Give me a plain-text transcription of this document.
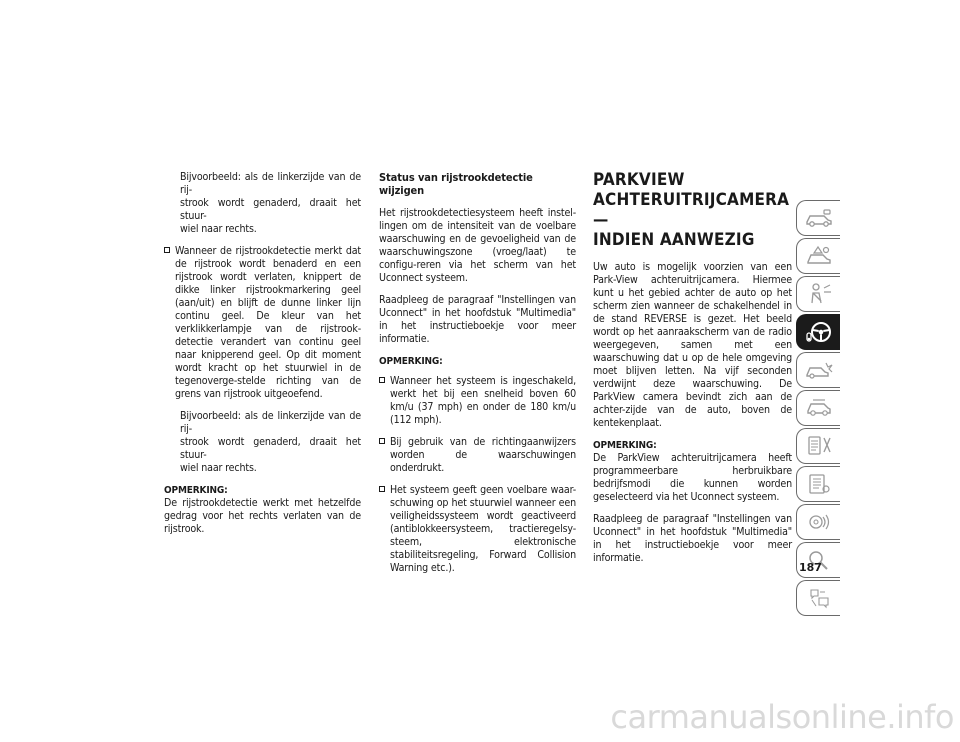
Bijvoorbeeld: als de linkerzijde van de rij-
strook wordt genaderd, draait het stuur-
wiel naar rechts.

Wanneer de rijstrookdetectie merkt dat de rijstrook wordt benaderd en een rijstrook wordt verlaten, knippert de dikke linker rijstrookmarkering geel (aan/uit) en blijft de dunne linker lijn continu geel. De kleur van het verklikkerlampje van de rijstrook-detectie verandert van continu geel naar knipperend geel. Op dit moment wordt kracht op het stuurwiel in de tegenoverge-stelde richting van de grens van rijstrook uitgeoefend.

Bijvoorbeeld: als de linkerzijde van de rij-
strook wordt genaderd, draait het stuur-
wiel naar rechts.

OPMERKING:

De rijstrookdetectie werkt met hetzelfde gedrag voor het rechts verlaten van de rijstrook.

Status van rijstrookdetectie wijzigen

Het rijstrookdetectiesysteem heeft instel-lingen om de intensiteit van de voelbare waarschuwing en de gevoeligheid van de waarschuwingszone (vroeg/laat) te configu-reren via het scherm van het Uconnect systeem.

Raadpleeg de paragraaf "Instellingen van Uconnect" in het hoofdstuk "Multimedia" in het instructieboekje voor meer informatie.

OPMERKING:

Wanneer het systeem is ingeschakeld, werkt het bij een snelheid boven 60 km/u (37 mph) en onder de 180 km/u (112 mph).
Bij gebruik van de richtingaanwijzers worden de waarschuwingen onderdrukt.
Het systeem geeft geen voelbare waar-schuwing op het stuurwiel wanneer een veiligheidssysteem wordt geactiveerd (antiblokkeersysteem, tractieregelsy-steem, elektronische stabiliteitsregeling, Forward Collision Warning etc.).
PARKVIEW
ACHTERUITRIJCAMERA —
INDIEN AANWEZIG

Uw auto is mogelijk voorzien van een Park-View achteruitrijcamera. Hiermee kunt u het gebied achter de auto op het scherm zien wanneer de schakelhendel in de stand REVERSE is gezet. Het beeld wordt op het aanraakscherm van de radio weergegeven, samen met een waarschuwing dat u op de hele omgeving moet blijven letten. Na vijf seconden verdwijnt deze waarschuwing. De ParkView camera bevindt zich aan de achter-zijde van de auto, boven de kentekenplaat.

OPMERKING:

De ParkView achteruitrijcamera heeft programmeerbare herbruikbare bedrijfsmodi die kunnen worden geselecteerd via het Uconnect systeem.

Raadpleeg de paragraaf "Instellingen van Uconnect" in het hoofdstuk "Multimedia" in het instructieboekje voor meer informatie.

187
carmanualsonline.info
